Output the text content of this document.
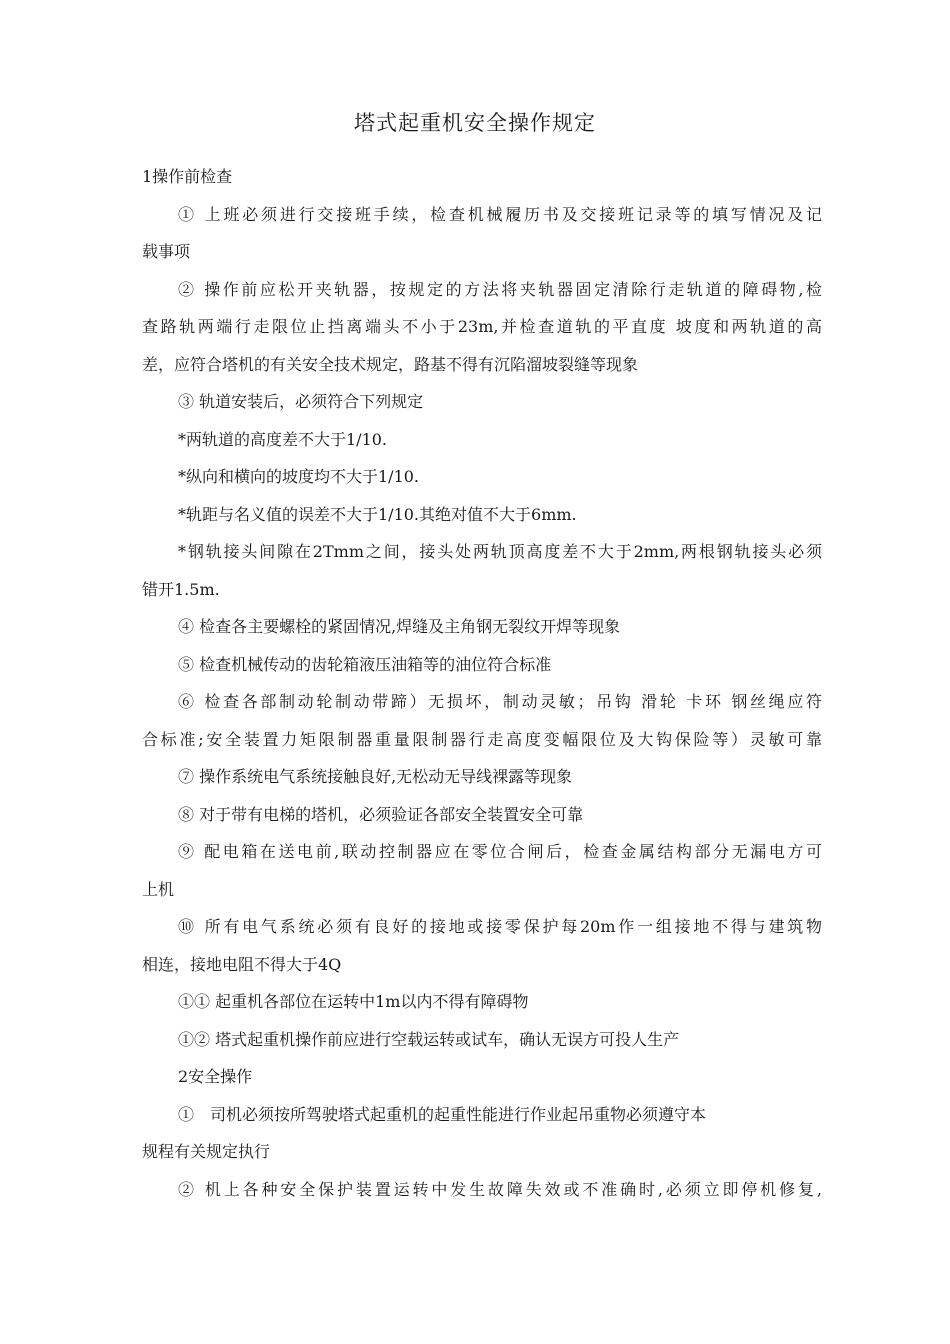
塔式起重机安全操作规定
1操作前检查
① 上班必须进行交接班手续，检查机械履历书及交接班记录等的填写情况及记
载事项
② 操作前应松开夹轨器，按规定的方法将夹轨器固定清除行走轨道的障碍物,检
查路轨两端行走限位止挡离端头不小于23m,并检查道轨的平直度 坡度和两轨道的高
差，应符合塔机的有关安全技术规定，路基不得有沉陷溜坡裂缝等现象
③ 轨道安装后，必须符合下列规定
*两轨道的高度差不大于1/10.
*纵向和横向的坡度均不大于1/10.
*轨距与名义值的误差不大于1/10.其绝对值不大于6mm.
*钢轨接头间隙在2Tmm之间，接头处两轨顶高度差不大于2mm,两根钢轨接头必须
错开1.5m.
④ 检查各主要螺栓的紧固情况,焊缝及主角钢无裂纹开焊等现象
⑤ 检查机械传动的齿轮箱液压油箱等的油位符合标准
⑥ 检查各部制动轮制动带蹄）无损坏，制动灵敏；吊钩 滑轮 卡环 钢丝绳应符
合标准;安全装置力矩限制器重量限制器行走高度变幅限位及大钩保险等）灵敏可靠
⑦ 操作系统电气系统接触良好,无松动无导线裸露等现象
⑧ 对于带有电梯的塔机，必须验证各部安全装置安全可靠
⑨ 配电箱在送电前,联动控制器应在零位合闸后，检查金属结构部分无漏电方可
上机
⑩ 所有电气系统必须有良好的接地或接零保护每20m作一组接地不得与建筑物
相连，接地电阻不得大于4Q
①① 起重机各部位在运转中1m以内不得有障碍物
①② 塔式起重机操作前应进行空载运转或试车，确认无误方可投人生产
2安全操作
①　司机必须按所驾驶塔式起重机的起重性能进行作业起吊重物必须遵守本
规程有关规定执行
② 机上各种安全保护装置运转中发生故障失效或不准确时,必须立即停机修复,
